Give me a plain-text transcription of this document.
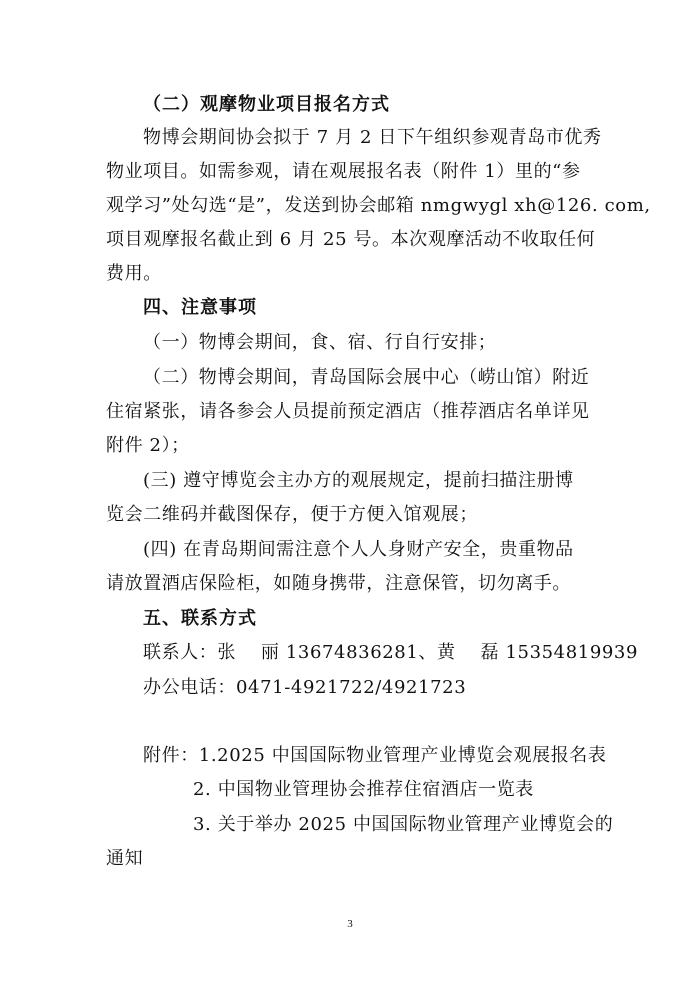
（二）观摩物业项目报名方式
物博会期间协会拟于 7 月 2 日下午组织参观青岛市优秀
物业项目。如需参观，请在观展报名表（附件 1）里的“参
观学习”处勾选“是”，发送到协会邮箱 nmgwygl xh@126. com,
项目观摩报名截止到 6 月 25 号。本次观摩活动不收取任何
费用。
四、注意事项
（一）物博会期间，食、宿、行自行安排；
（二）物博会期间，青岛国际会展中心（崂山馆）附近
住宿紧张，请各参会人员提前预定酒店（推荐酒店名单详见
附件 2）；
(三) 遵守博览会主办方的观展规定，提前扫描注册博
览会二维码并截图保存，便于方便入馆观展；
(四) 在青岛期间需注意个人人身财产安全，贵重物品
请放置酒店保险柜，如随身携带，注意保管，切勿离手。
五、联系方式
联系人：张　 丽 13674836281、黄　 磊 15354819939
办公电话：0471-4921722/4921723
附件：1.2025 中国国际物业管理产业博览会观展报名表
2. 中国物业管理协会推荐住宿酒店一览表
3. 关于举办 2025 中国国际物业管理产业博览会的
通知
3
